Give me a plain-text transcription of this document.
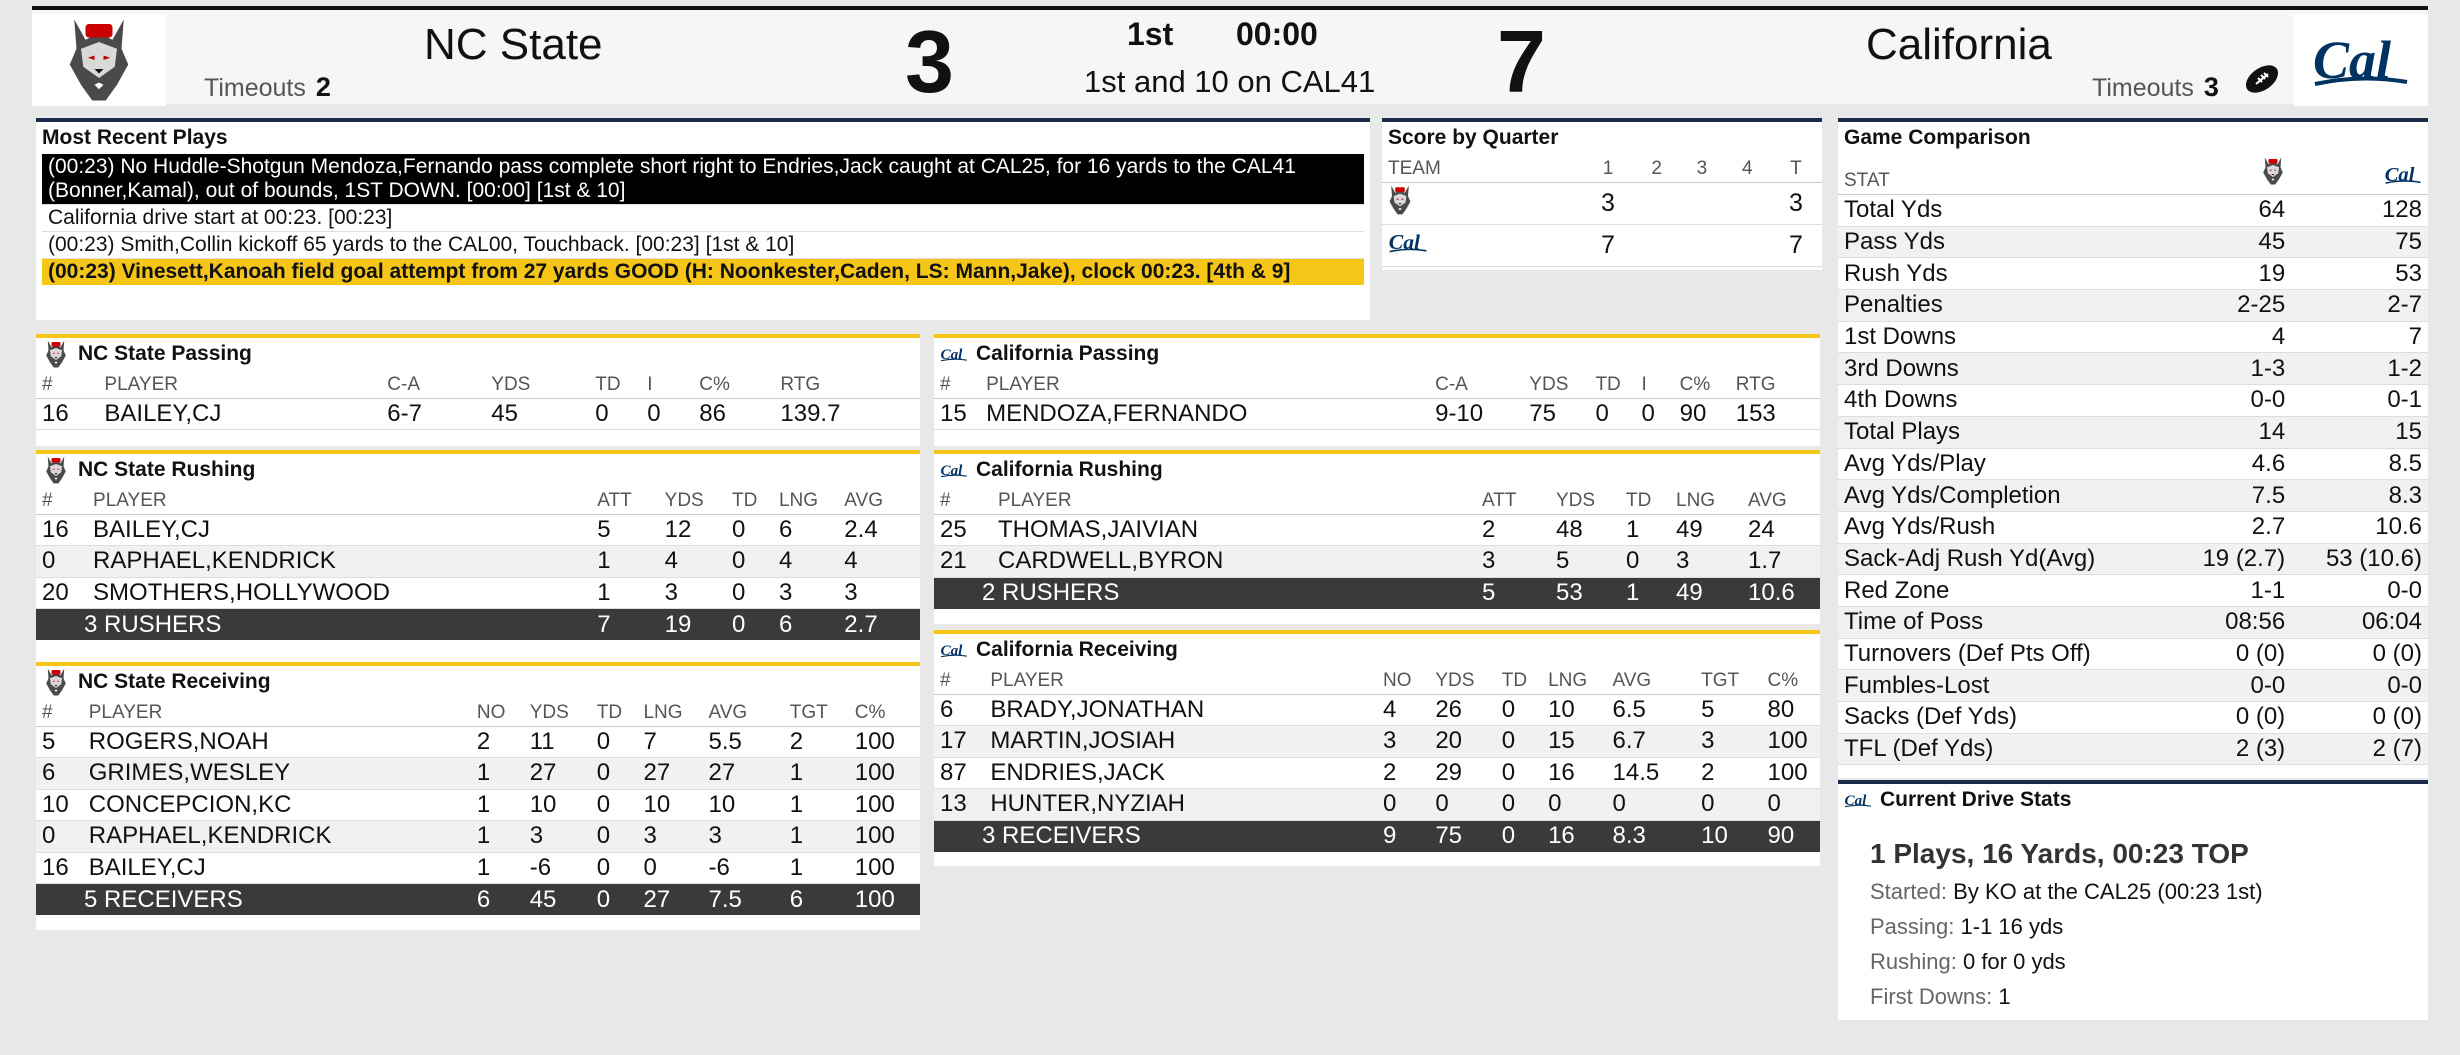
Timeouts 2
NC State	3	1st 00:00
1st and 10 on CAL41 7	California
Timeouts 3
Most Recent Plays
(00:23) No Huddle-Shotgun Mendoza,Fernando pass complete short right to Endries,Jack caught at CAL25, for 16 yards to the CAL41 (Bonner,Kamal), out of bounds, 1ST DOWN. [00:00] [1st & 10]
California drive start at 00:23. [00:23]
(00:23) Smith,Collin kickoff 65 yards to the CAL00, Touchback. [00:23] [1st & 10]
(00:23) Vinesett,Kanoah field goal attempt from 27 yards GOOD (H: Noonkester,Caden, LS: Mann,Jake), clock 00:23. [4th & 9]
Score by Quarter
TEAM	1	2	3	4	T
	3				3
	7				7
Game Comparison
STAT		
Total Yds	64	128
Pass Yds	45	75
Rush Yds	19	53
Penalties	2-25	2-7
1st Downs	4	7
3rd Downs	1-3	1-2
4th Downs	0-0	0-1
Total Plays	14	15
Avg Yds/Play	4.6	8.5
Avg Yds/Completion	7.5	8.3
Avg Yds/Rush	2.7	10.6
Sack-Adj Rush Yd(Avg)	19 (2.7)	53 (10.6)
Red Zone	1-1	0-0
Time of Poss	08:56	06:04
Turnovers (Def Pts Off)	0 (0)	0 (0)
Fumbles-Lost	0-0	0-0
Sacks (Def Yds)	0 (0)	0 (0)
TFL (Def Yds)	2 (3)	2 (7)
Current Drive Stats
1 Plays, 16 Yards, 00:23 TOP
Started: By KO at the CAL25 (00:23 1st)
Passing: 1-1 16 yds
Rushing: 0 for 0 yds
First Downs: 1
NC State Passing
#	PLAYER	C-A	YDS	TD	I	C%	RTG
16	BAILEY,CJ	6-7	45	0	0	86	139.7
NC State Rushing
#	PLAYER	ATT	YDS	TD	LNG	AVG
16	BAILEY,CJ	5	12	0	6	2.4
0	RAPHAEL,KENDRICK	1	4	0	4	4
20	SMOTHERS,HOLLYWOOD	1	3	0	3	3
3 RUSHERS		7	19	0	6	2.7
NC State Receiving
#	PLAYER	NO	YDS	TD	LNG	AVG	TGT	C%
5	ROGERS,NOAH	2	11	0	7	5.5	2	100
6	GRIMES,WESLEY	1	27	0	27	27	1	100
10	CONCEPCION,KC	1	10	0	10	10	1	100
0	RAPHAEL,KENDRICK	1	3	0	3	3	1	100
16	BAILEY,CJ	1	-6	0	0	-6	1	100
5 RECEIVERS		6	45	0	27	7.5	6	100
California Passing
#	PLAYER	C-A	YDS	TD	I	C%	RTG
15	MENDOZA,FERNANDO	9-10	75	0	0	90	153
California Rushing
#	PLAYER	ATT	YDS	TD	LNG	AVG
25	THOMAS,JAIVIAN	2	48	1	49	24
21	CARDWELL,BYRON	3	5	0	3	1.7
2 RUSHERS		5	53	1	49	10.6
California Receiving
#	PLAYER	NO	YDS	TD	LNG	AVG	TGT	C%
6	BRADY,JONATHAN	4	26	0	10	6.5	5	80
17	MARTIN,JOSIAH	3	20	0	15	6.7	3	100
87	ENDRIES,JACK	2	29	0	16	14.5	2	100
13	HUNTER,NYZIAH	0	0	0	0	0	0	0
3 RECEIVERS		9	75	0	16	8.3	10	90
